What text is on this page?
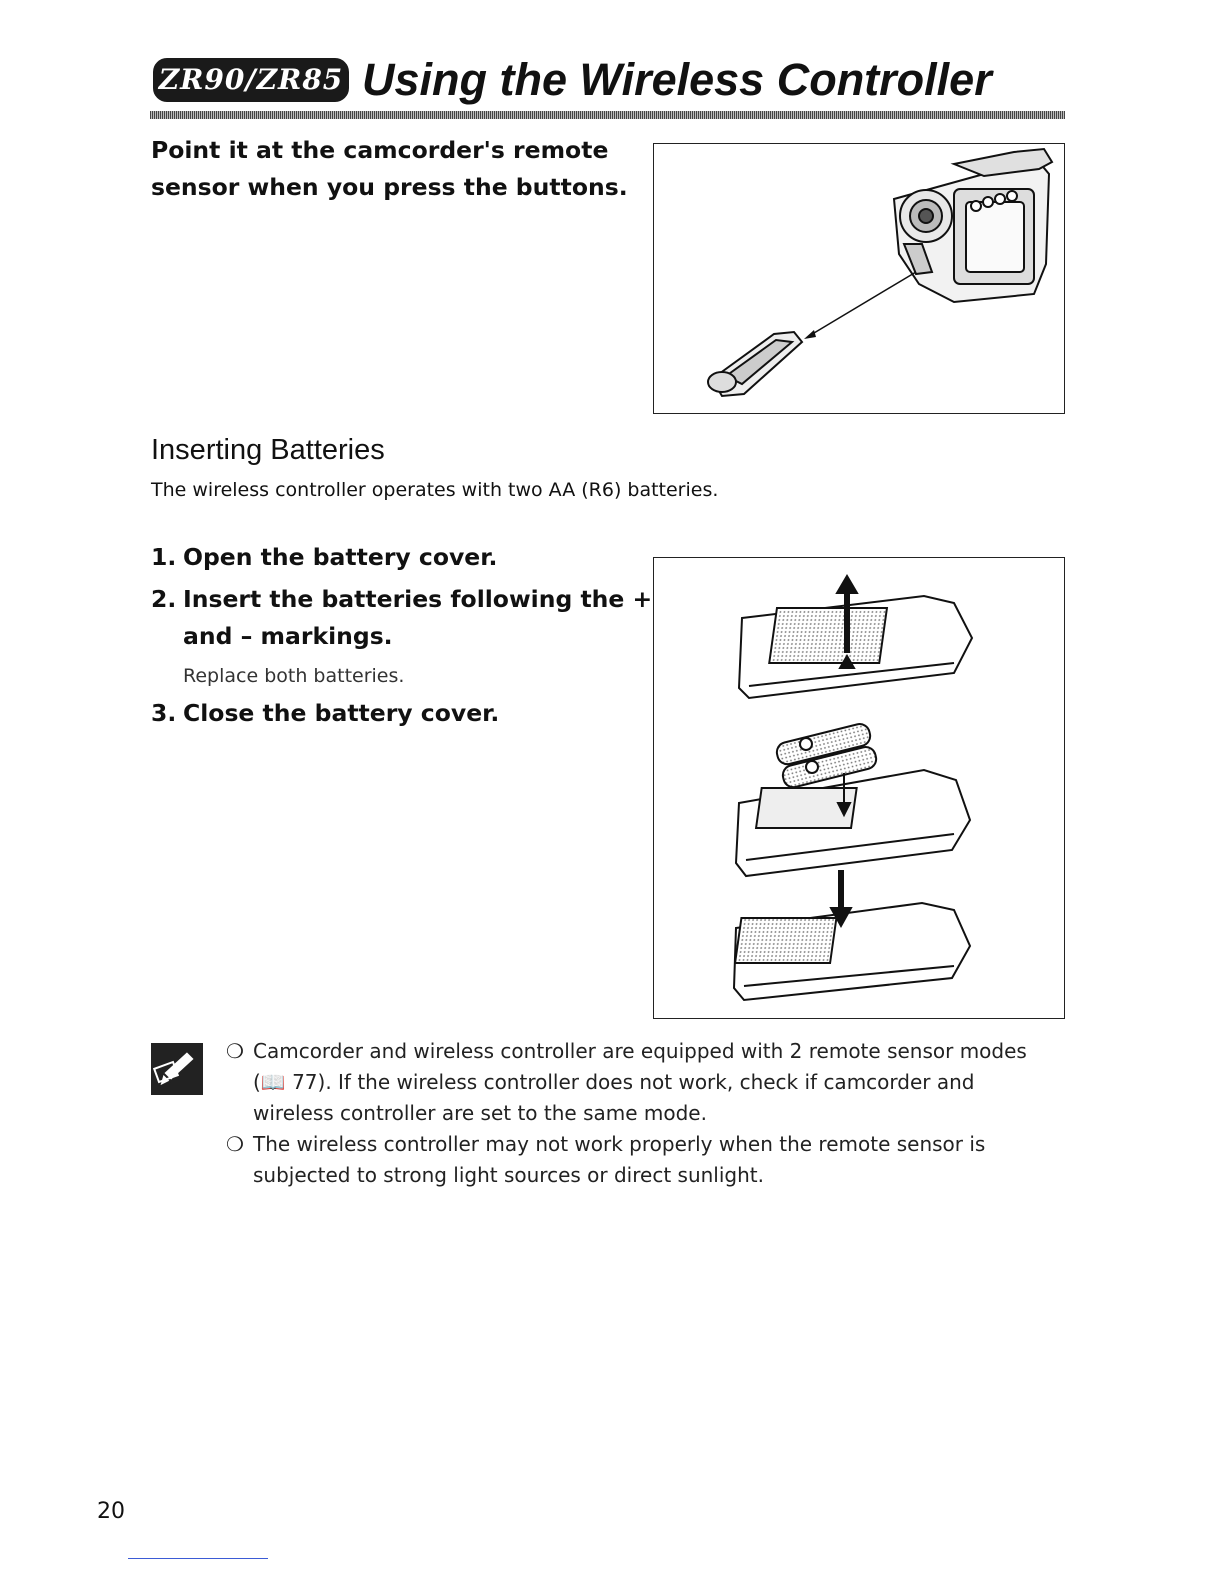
ZR90/ZR85 Using the Wireless Controller
Point it at the camcorder's remote
sensor when you press the buttons.
Inserting Batteries
The wireless controller operates with two AA (R6) batteries.
1. Open the battery cover.
2. Insert the batteries following the +
and – markings.
Replace both batteries.
3. Close the battery cover.
❍ Camcorder and wireless controller are equipped with 2 remote sensor modes
(📖 77). If the wireless controller does not work, check if camcorder and
wireless controller are set to the same mode.
❍ The wireless controller may not work properly when the remote sensor is
subjected to strong light sources or direct sunlight.
20
